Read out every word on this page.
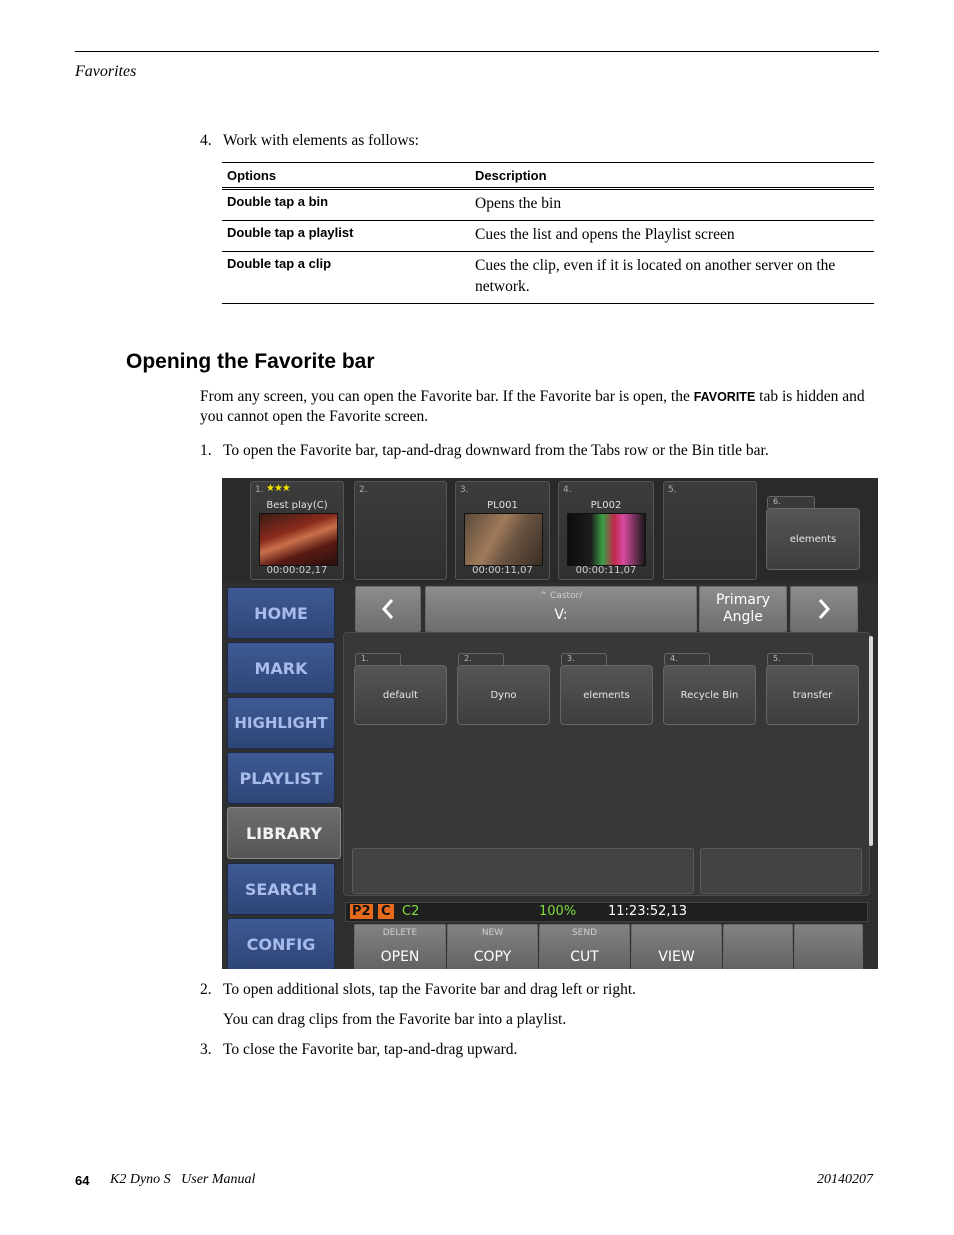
Favorites
4. Work with elements as follows:
Options	Description
Double tap a bin	Opens the bin
Double tap a playlist	Cues the list and opens the Playlist screen
Double tap a clip	Cues the clip, even if it is located on another server on the network.
Opening the Favorite bar
From any screen, you can open the Favorite bar. If the Favorite bar is open, the FAVORITE tab is hidden and you cannot open the Favorite screen.
1. To open the Favorite bar, tap-and-drag downward from the Tabs row or the Bin title bar.
1. ★★★
Best play(C)
00:00:02,17
2.	3.
PL001
00:00:11,07
4.
PL002
00:00:11,07
5.
6.
elements
HOME
MARK
HIGHLIGHT
PLAYLIST
LIBRARY
SEARCH
CONFIG
^ Castor/
V:
Primary
Angle
1.
default
2.
Dyno
3.
elements
4.
Recycle Bin
5.
transfer
P2 C C2	100% 11:23:52,13
DELETE
OPEN
NEW
COPY
SEND
CUT	VIEW
2. To open additional slots, tap the Favorite bar and drag left or right.
You can drag clips from the Favorite bar into a playlist.
3. To close the Favorite bar, tap-and-drag upward.
64 K2 Dyno S   User Manual	20140207
